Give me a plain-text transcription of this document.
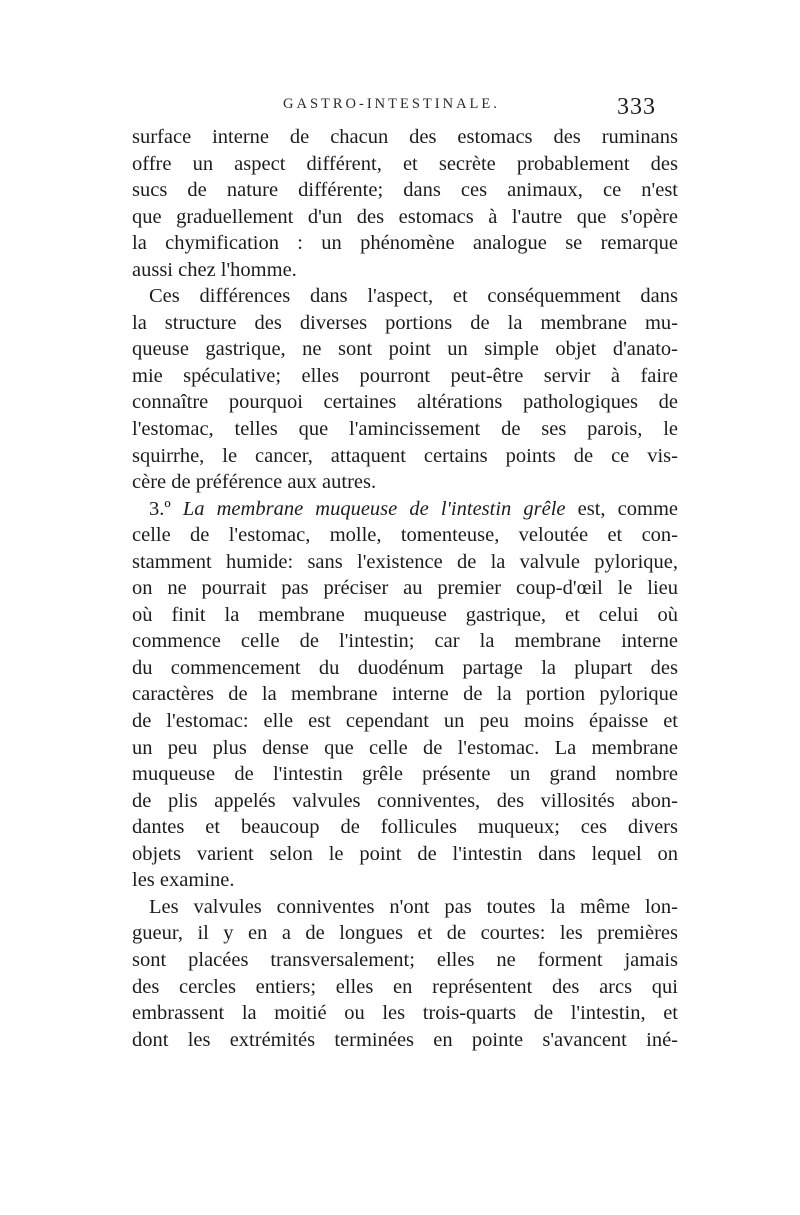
GASTRO-INTESTINALE.	333
surface interne de chacun des estomacs des ruminans
offre un aspect différent, et secrète probablement des
sucs de nature différente; dans ces animaux, ce n'est
que graduellement d'un des estomacs à l'autre que s'opère
la chymification : un phénomène analogue se remarque
aussi chez l'homme.
Ces différences dans l'aspect, et conséquemment dans
la structure des diverses portions de la membrane mu-
queuse gastrique, ne sont point un simple objet d'anato-
mie spéculative; elles pourront peut-être servir à faire
connaître pourquoi certaines altérations pathologiques de
l'estomac, telles que l'amincissement de ses parois, le
squirrhe, le cancer, attaquent certains points de ce vis-
cère de préférence aux autres.
3.º La membrane muqueuse de l'intestin grêle est, comme
celle de l'estomac, molle, tomenteuse, veloutée et con-
stamment humide: sans l'existence de la valvule pylorique,
on ne pourrait pas préciser au premier coup-d'œil le lieu
où finit la membrane muqueuse gastrique, et celui où
commence celle de l'intestin; car la membrane interne
du commencement du duodénum partage la plupart des
caractères de la membrane interne de la portion pylorique
de l'estomac: elle est cependant un peu moins épaisse et
un peu plus dense que celle de l'estomac. La membrane
muqueuse de l'intestin grêle présente un grand nombre
de plis appelés valvules conniventes, des villosités abon-
dantes et beaucoup de follicules muqueux; ces divers
objets varient selon le point de l'intestin dans lequel on
les examine.
Les valvules conniventes n'ont pas toutes la même lon-
gueur, il y en a de longues et de courtes: les premières
sont placées transversalement; elles ne forment jamais
des cercles entiers; elles en représentent des arcs qui
embrassent la moitié ou les trois-quarts de l'intestin, et
dont les extrémités terminées en pointe s'avancent iné-
